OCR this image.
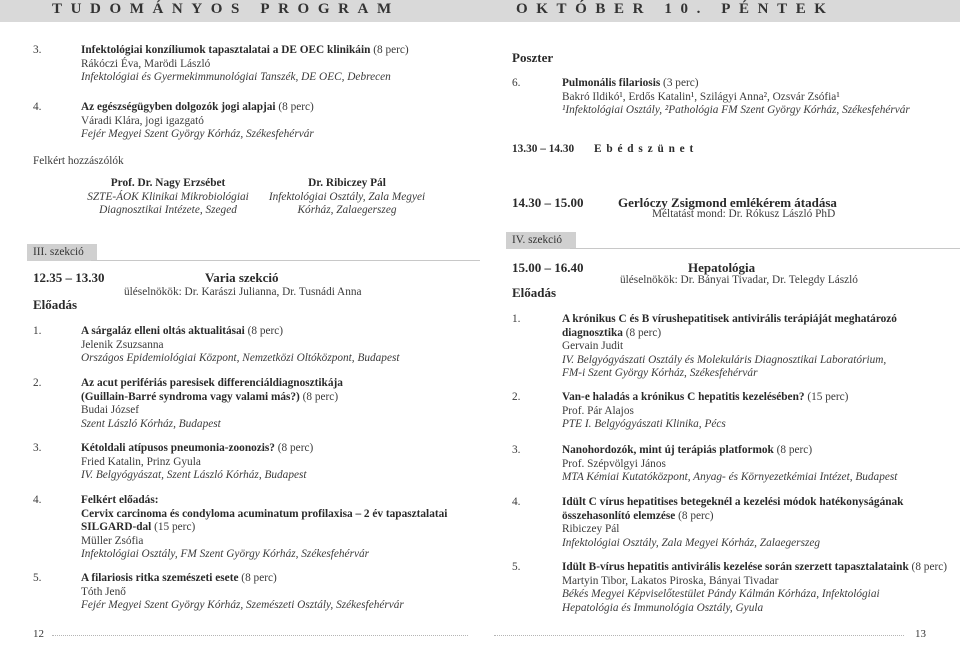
TUDOMÁNYOS PROGRAM	OKTÓBER 10. PÉNTEK
3.	Infektológiai konzíliumok tapasztalatai a DE OEC klinikáin (8 perc)
Rákóczi Éva, Marödi László
Infektológiai és Gyermekimmunológiai Tanszék, DE OEC, Debrecen
4.	Az egészségügyben dolgozók jogi alapjai (8 perc)
Váradi Klára, jogi igazgató
Fejér Megyei Szent György Kórház, Székesfehérvár
Felkért hozzászólók
Prof. Dr. Nagy Erzsébet
SZTE-ÁOK Klinikai Mikrobiológiai
Diagnosztikai Intézete, Szeged
Dr. Ribiczey Pál
Infektológiai Osztály, Zala Megyei
Kórház, Zalaegerszeg
III. szekció
12.35 – 13.30	Varia szekció
üléselnökök: Dr. Karászi Julianna, Dr. Tusnádi Anna
Előadás
1.	A sárgaláz elleni oltás aktualitásai (8 perc)
Jelenik Zsuzsanna
Országos Epidemiológiai Központ, Nemzetközi Oltóközpont, Budapest
2.	Az acut perifériás paresisek differenciáldiagnosztikája
(Guillain-Barré syndroma vagy valami más?) (8 perc)
Budai József
Szent László Kórház, Budapest
3.	Kétoldali atípusos pneumonia-zoonozis? (8 perc)
Fried Katalin, Prinz Gyula
IV. Belgyógyászat, Szent László Kórház, Budapest
4.	Felkért előadás:
Cervix carcinoma és condyloma acuminatum profilaxisa – 2 év tapasztalatai
SILGARD-dal (15 perc)
Müller Zsófia
Infektológiai Osztály, FM Szent György Kórház, Székesfehérvár
5.	A filariosis ritka szemészeti esete (8 perc)
Tóth Jenő
Fejér Megyei Szent György Kórház, Szemészeti Osztály, Székesfehérvár
12
Poszter
6.	Pulmonális filariosis (3 perc)
Bakró Ildikó¹, Erdős Katalin¹, Szilágyi Anna², Ozsvár Zsófia¹
¹Infektológiai Osztály, ²Pathológia FM Szent György Kórház, Székesfehérvár
13.30 – 14.30 E b é d s z ü n e t
14.30 – 15.00	Gerlóczy Zsigmond emlékérem átadása
Méltatást mond: Dr. Rókusz László PhD
IV. szekció
15.00 – 16.40	Hepatológia
üléselnökök: Dr. Bányai Tivadar, Dr. Telegdy László
Előadás
1.	A krónikus C és B vírushepatitisek antivirális terápiáját meghatározó
diagnosztika (8 perc)
Gervain Judit
IV. Belgyógyászati Osztály és Molekuláris Diagnosztikai Laboratórium,
FM-i Szent György Kórház, Székesfehérvár
2.	Van-e haladás a krónikus C hepatitis kezelésében? (15 perc)
Prof. Pár Alajos
PTE I. Belgyógyászati Klinika, Pécs
3.	Nanohordozók, mint új terápiás platformok (8 perc)
Prof. Szépvölgyi János
MTA Kémiai Kutatóközpont, Anyag- és Környezetkémiai Intézet, Budapest
4.	Idült C vírus hepatitises betegeknél a kezelési módok hatékonyságának
összehasonlító elemzése (8 perc)
Ribiczey Pál
Infektológiai Osztály, Zala Megyei Kórház, Zalaegerszeg
5.	Idült B-vírus hepatitis antivirális kezelése során szerzett tapasztalataink (8 perc)
Martyin Tibor, Lakatos Piroska, Bányai Tivadar
Békés Megyei Képviselőtestület Pándy Kálmán Kórháza, Infektológiai
Hepatológia és Immunológia Osztály, Gyula
13
